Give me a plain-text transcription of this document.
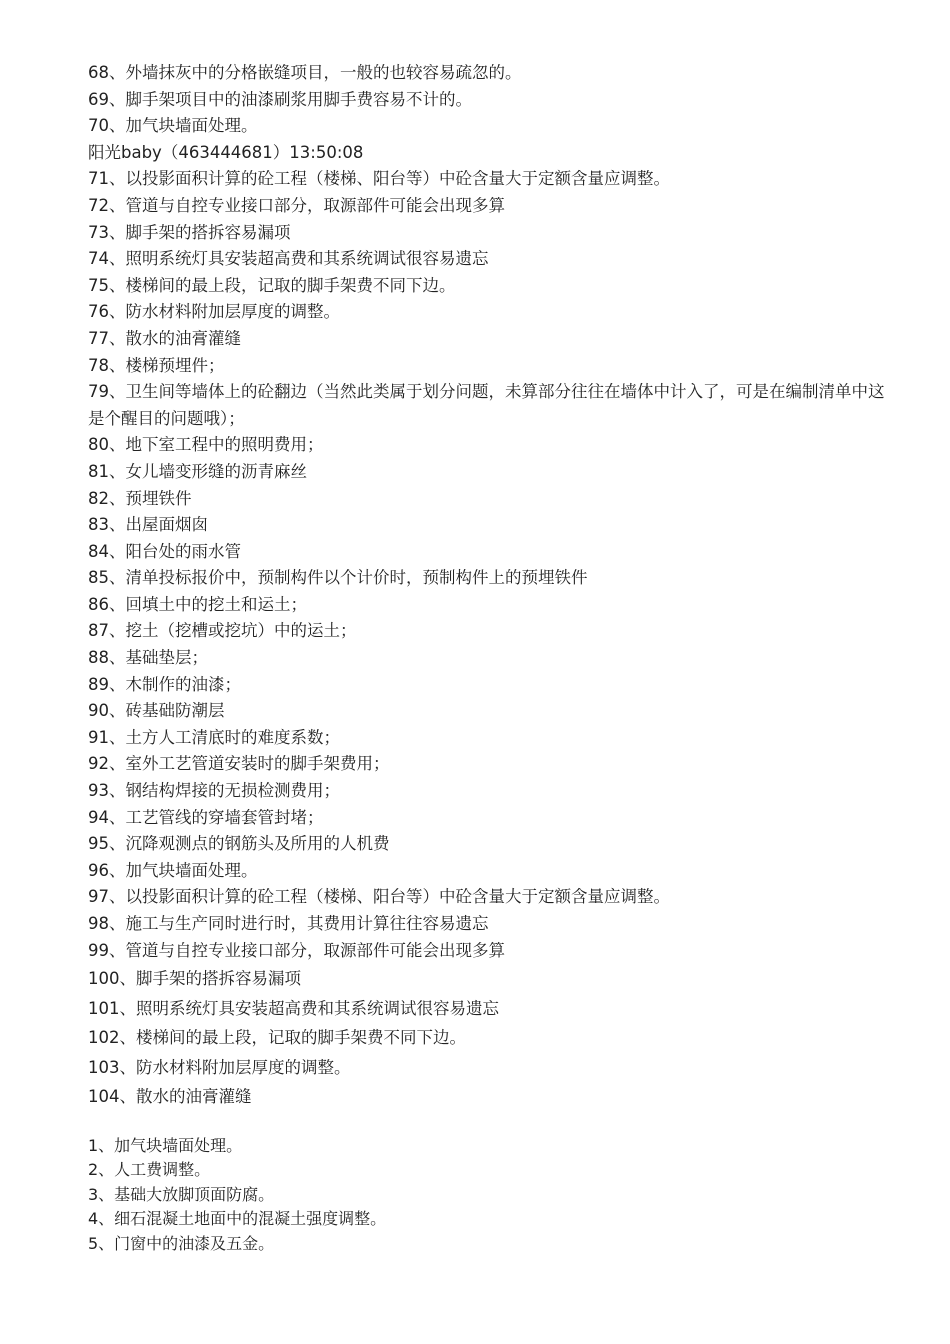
68、外墙抹灰中的分格嵌缝项目，一般的也较容易疏忽的。

69、脚手架项目中的油漆刷浆用脚手费容易不计的。

70、加气块墙面处理。

阳光baby（463444681）13:50:08

71、以投影面积计算的砼工程（楼梯、阳台等）中砼含量大于定额含量应调整。

72、管道与自控专业接口部分，取源部件可能会出现多算

73、脚手架的搭拆容易漏项

74、照明系统灯具安装超高费和其系统调试很容易遗忘

75、楼梯间的最上段，记取的脚手架费不同下边。

76、防水材料附加层厚度的调整。

77、散水的油膏灌缝

78、楼梯预埋件；

79、卫生间等墙体上的砼翻边（当然此类属于划分问题，未算部分往往在墙体中计入了，可是在编制清单中这是个醒目的问题哦）；

80、地下室工程中的照明费用；

81、女儿墙变形缝的沥青麻丝

82、预埋铁件

83、出屋面烟囱

84、阳台处的雨水管

85、清单投标报价中，预制构件以个计价时，预制构件上的预埋铁件

86、回填土中的挖土和运土；

87、挖土（挖槽或挖坑）中的运土；

88、基础垫层；

89、木制作的油漆；

90、砖基础防潮层

91、土方人工清底时的难度系数；

92、室外工艺管道安装时的脚手架费用；

93、钢结构焊接的无损检测费用；

94、工艺管线的穿墙套管封堵；

95、沉降观测点的钢筋头及所用的人机费

96、加气块墙面处理。

97、以投影面积计算的砼工程（楼梯、阳台等）中砼含量大于定额含量应调整。

98、施工与生产同时进行时，其费用计算往往容易遗忘

99、管道与自控专业接口部分，取源部件可能会出现多算

100、脚手架的搭拆容易漏项

101、照明系统灯具安装超高费和其系统调试很容易遗忘

102、楼梯间的最上段，记取的脚手架费不同下边。

103、防水材料附加层厚度的调整。

104、散水的油膏灌缝

1、加气块墙面处理。

2、人工费调整。

3、基础大放脚顶面防腐。

4、细石混凝土地面中的混凝土强度调整。

5、门窗中的油漆及五金。
